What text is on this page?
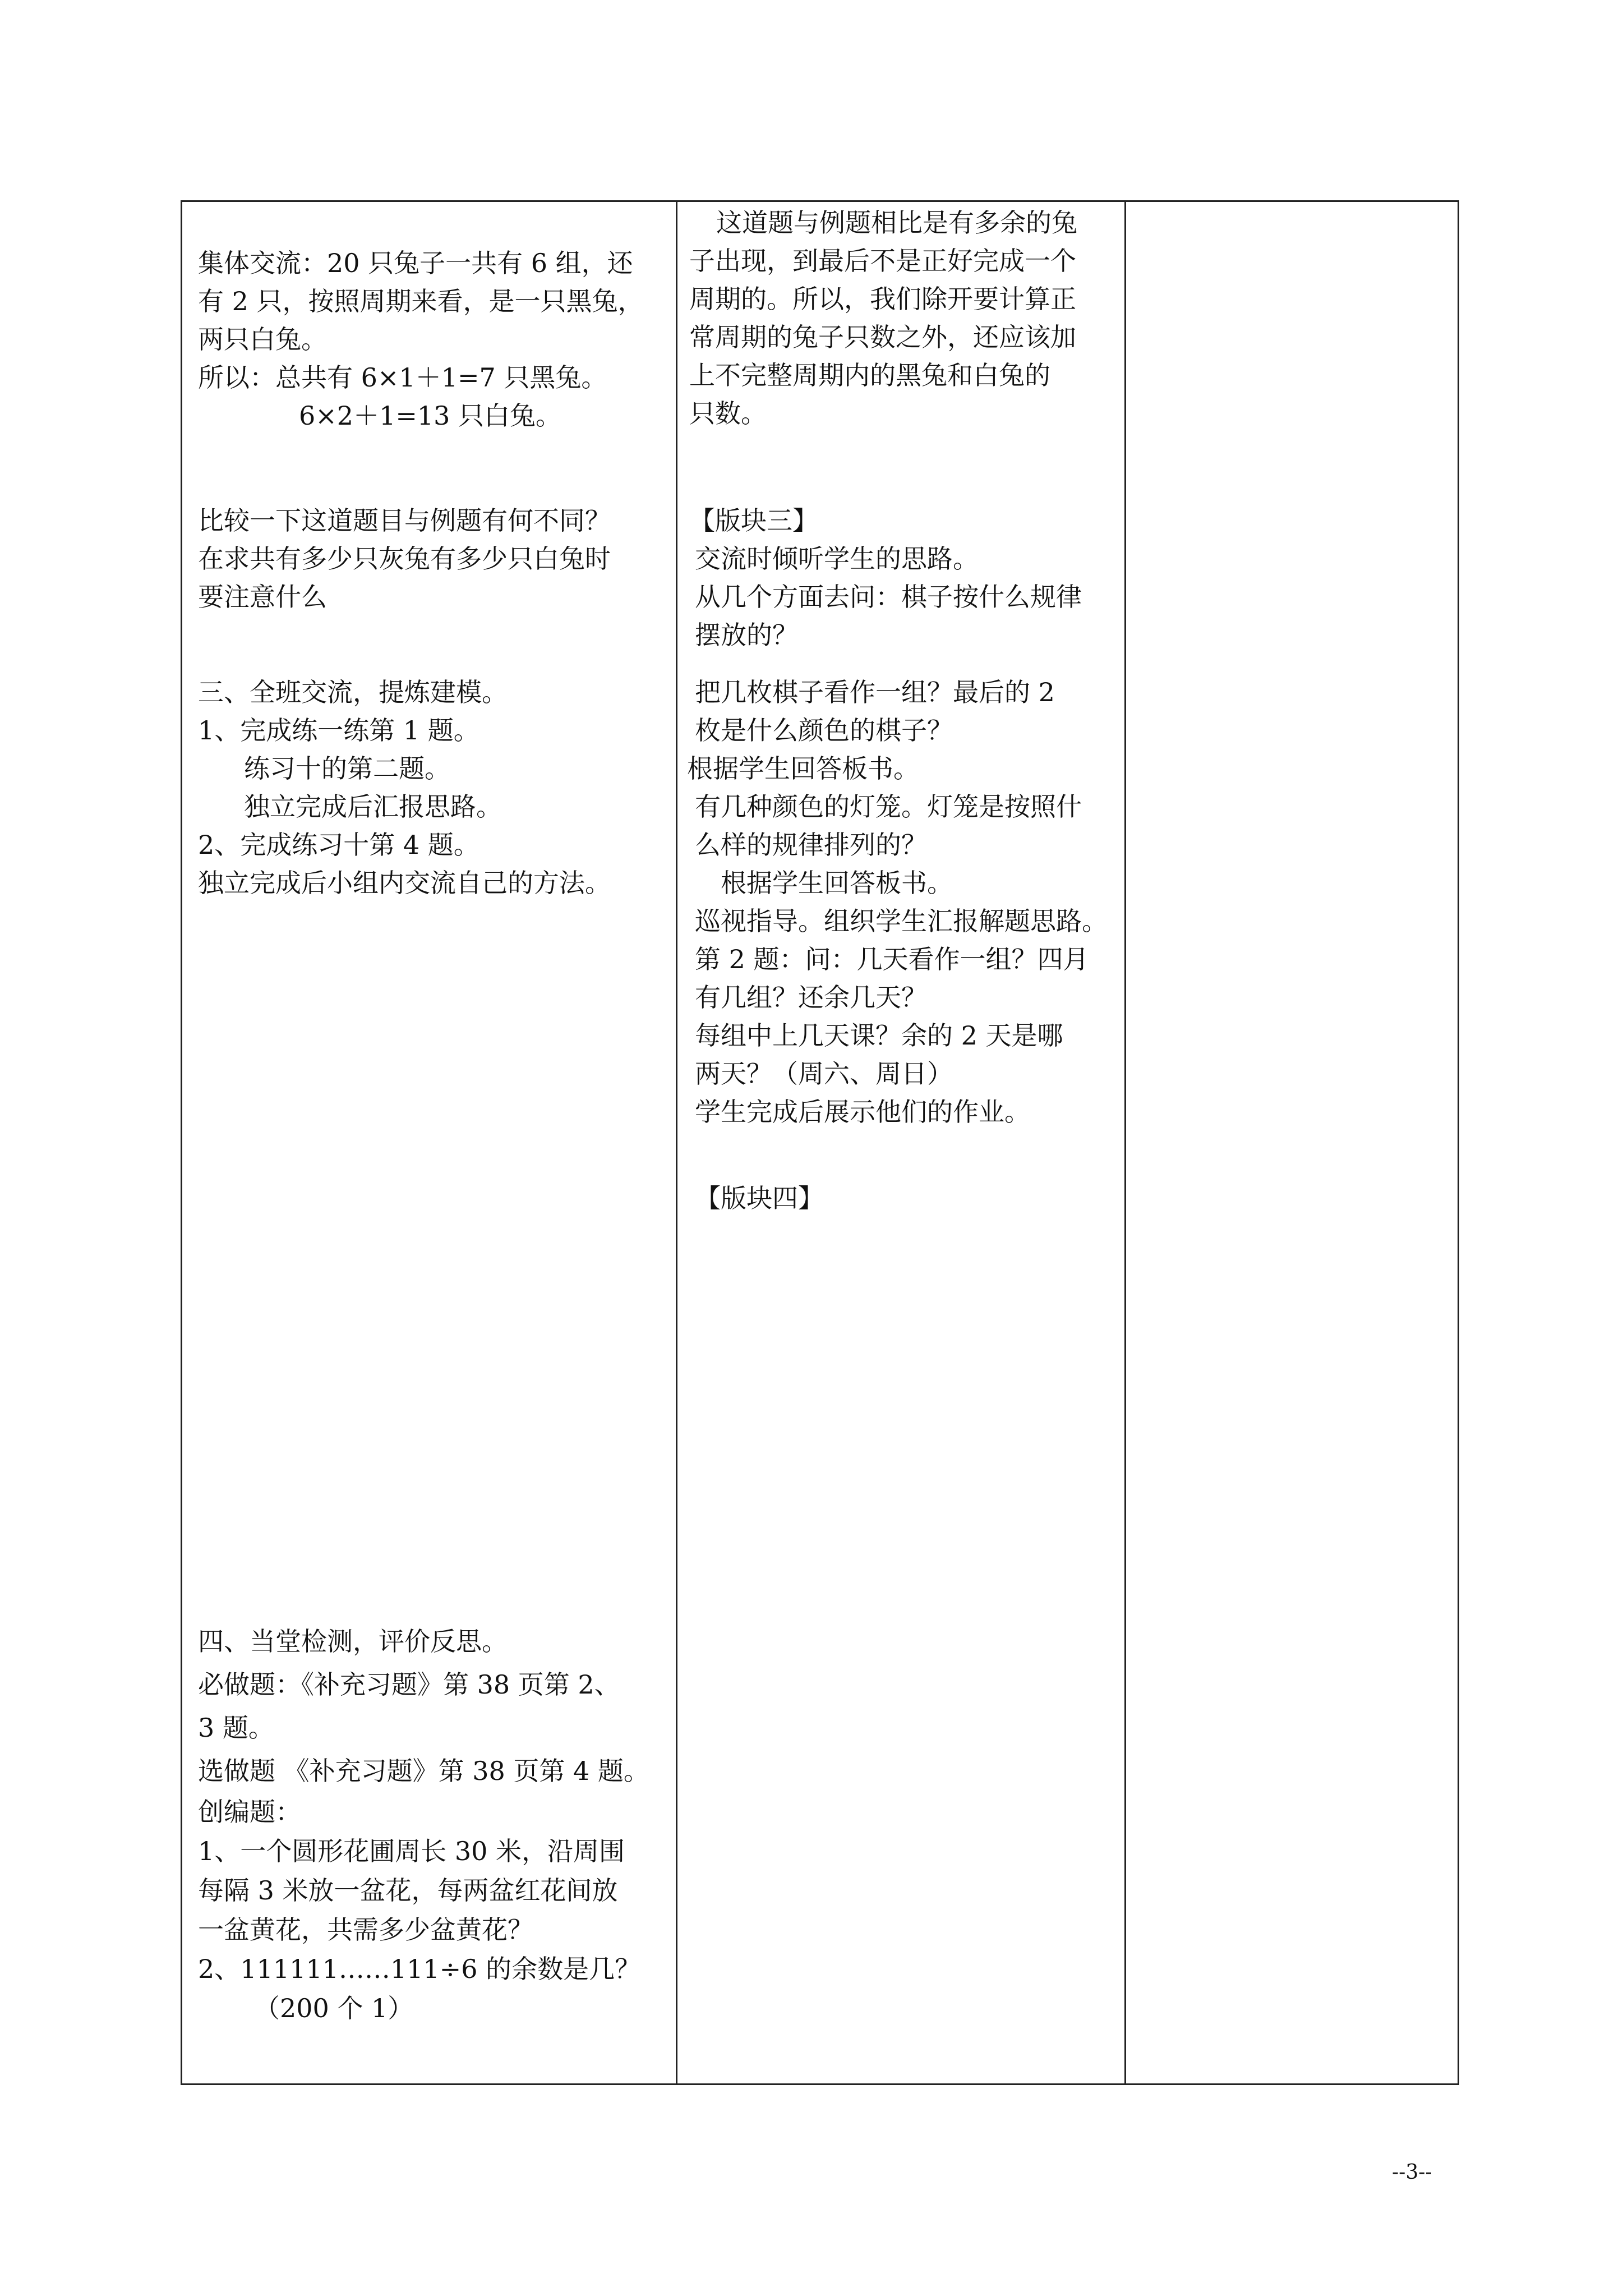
集体交流：20 只兔子一共有 6 组，还
有 2 只，按照周期来看，是一只黑兔，
两只白兔。
所以：总共有 6×1＋1=7 只黑兔。
6×2＋1=13 只白兔。
比较一下这道题目与例题有何不同？
在求共有多少只灰兔有多少只白兔时
要注意什么
三、全班交流，提炼建模。
1、完成练一练第 1 题。
练习十的第二题。
独立完成后汇报思路。
2、完成练习十第 4 题。
独立完成后小组内交流自己的方法。
四、当堂检测，评价反思。
必做题：《补充习题》第 38 页第 2、
3 题。
选做题 《补充习题》第 38 页第 4 题。
创编题：
1、一个圆形花圃周长 30 米，沿周围
每隔 3 米放一盆花，每两盆红花间放
一盆黄花，共需多少盆黄花？
2、111111……111÷6 的余数是几？
（200 个 1）
这道题与例题相比是有多余的兔
子出现，到最后不是正好完成一个
周期的。所以，我们除开要计算正
常周期的兔子只数之外，还应该加
上不完整周期内的黑兔和白兔的
只数。
【版块三】
交流时倾听学生的思路。
从几个方面去问：棋子按什么规律
摆放的？
把几枚棋子看作一组？最后的 2
枚是什么颜色的棋子？
根据学生回答板书。
有几种颜色的灯笼。灯笼是按照什
么样的规律排列的？
根据学生回答板书。
巡视指导。组织学生汇报解题思路。
第 2 题：问：几天看作一组？四月
有几组？还余几天？
每组中上几天课？余的 2 天是哪
两天？（周六、周日）
学生完成后展示他们的作业。
【版块四】
--3--
